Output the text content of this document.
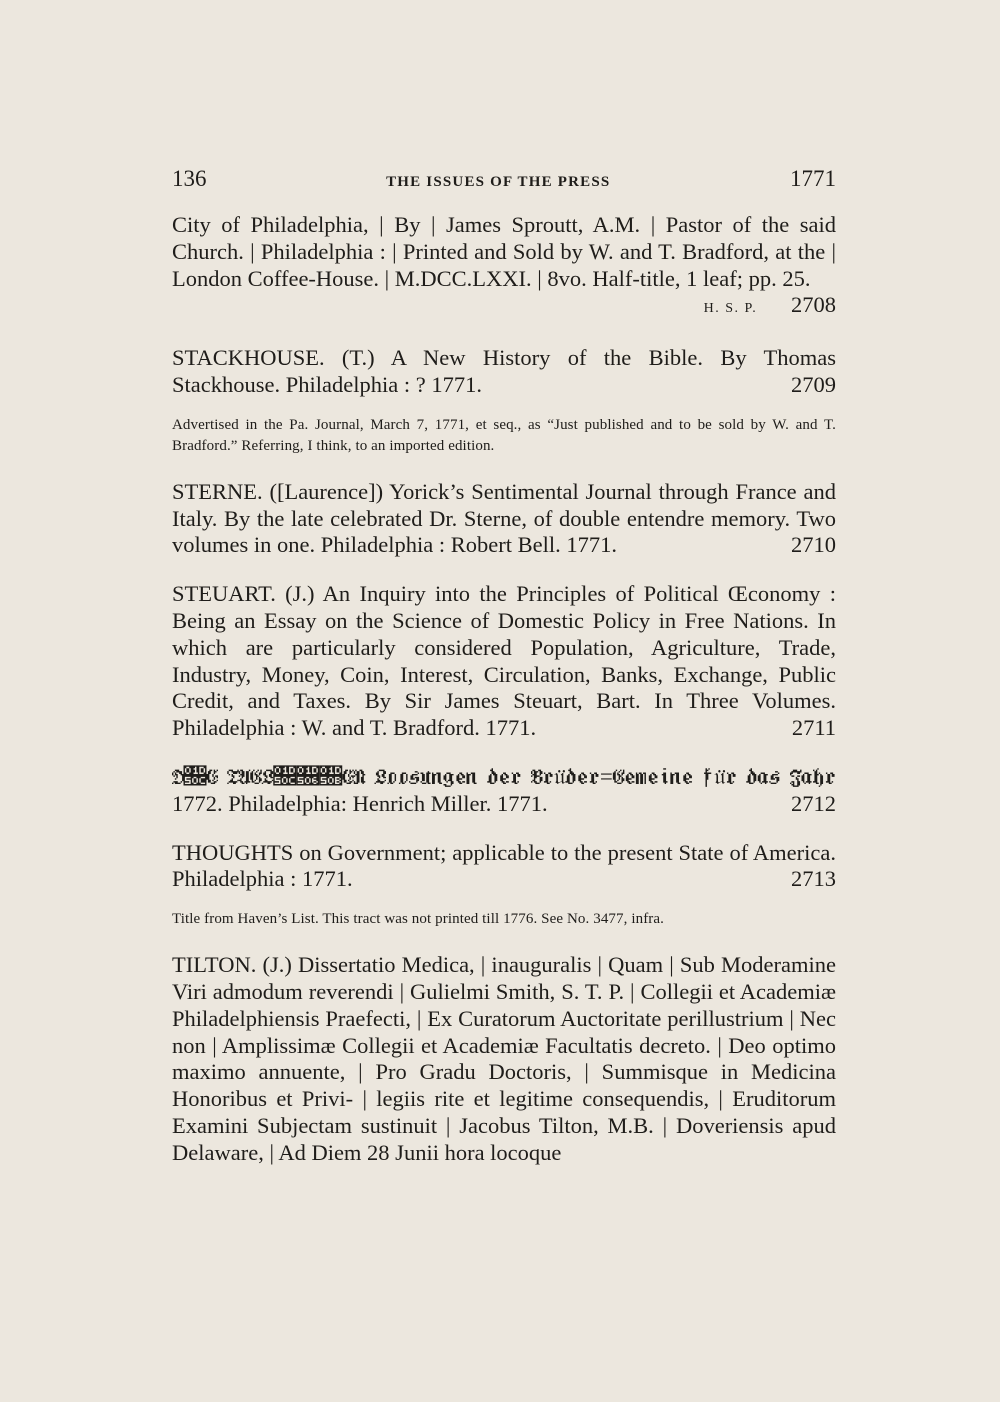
136	THE ISSUES OF THE PRESS	1771

City of Philadelphia, | By | James Sproutt, A.M. | Pastor of the said Church. | Philadelphia : | Printed and Sold by W. and T. Bradford, at the | London Coffee-House. | M.DCC.LXXI. | 8vo. Half-title, 1 leaf; pp. 25.

H. S. P. 2708
STACKHOUSE. (T.) A New History of the Bible. By Thomas Stackhouse. Philadelphia : ? 1771.	2709

Advertised in the Pa. Journal, March 7, 1771, et seq., as “Just published and to be sold by W. and T. Bradford.” Referring, I think, to an imported edition.

STERNE. ([Laurence]) Yorick’s Sentimental Journal through France and Italy. By the late celebrated Dr. Sterne, of double entendre memory. Two volumes in one. Philadelphia : Robert Bell. 1771.	2710
STEUART. (J.) An Inquiry into the Principles of Political Œconomy : Being an Essay on the Science of Domestic Policy in Free Nations. In which are particularly considered Population, Agriculture, Trade, Industry, Money, Coin, Interest, Circulation, Banks, Exchange, Public Credit, and Taxes. By Sir James Steuart, Bart. In Three Volumes. Philadelphia : W. and T. Bradford. 1771.	2711

𝔇𝔌𝔈 𝔗𝔄𝔊𝔏𝔌𝔆𝔋𝔈𝔑 𝔏𝔬𝔬𝔰𝔲𝔫𝔤𝔢𝔫 𝔡𝔢𝔯 𝔅𝔯𝔲̈𝔡𝔢𝔯=𝔊𝔢𝔪𝔢𝔦𝔫𝔢 𝔣𝔲̈𝔯 𝔡𝔞𝔰 𝔍𝔞𝔥𝔯

1772. Philadelphia: Henrich Miller. 1771.	2712
THOUGHTS on Government; applicable to the present State of America. Philadelphia : 1771.	2713

Title from Haven’s List. This tract was not printed till 1776. See No. 3477, infra.

TILTON. (J.) Dissertatio Medica, | inauguralis | Quam | Sub Moderamine Viri admodum reverendi | Gulielmi Smith, S. T. P. | Collegii et Academiæ Philadelphiensis Praefecti, | Ex Curatorum Auctoritate perillustrium | Nec non | Amplissimæ Collegii et Academiæ Facultatis decreto. | Deo optimo maximo annuente, | Pro Gradu Doctoris, | Summisque in Medicina Honoribus et Privi- | legiis rite et legitime consequendis, | Eruditorum Examini Subjectam sustinuit | Jacobus Tilton, M.B. | Doveriensis apud Delaware, | Ad Diem 28 Junii hora locoque
